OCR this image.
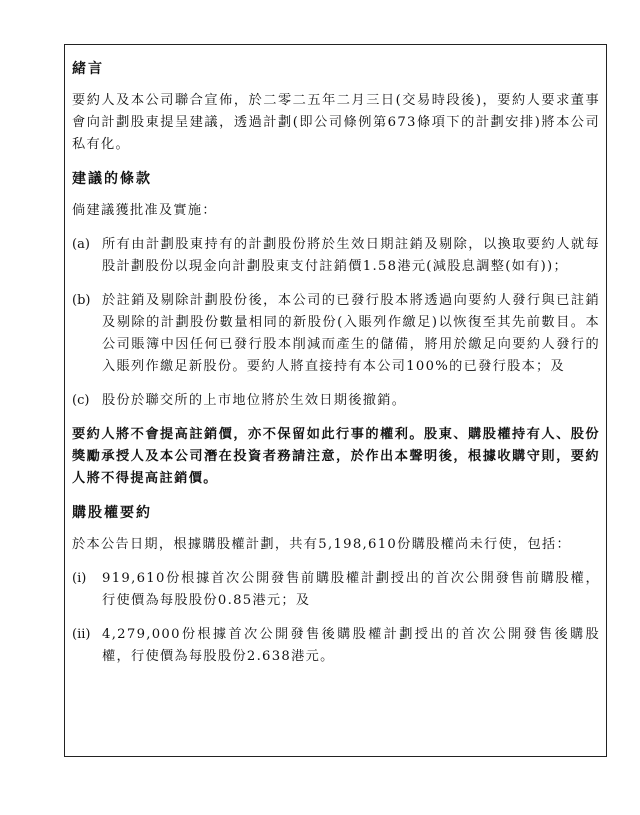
緒言

要約人及本公司聯合宣佈，於二零二五年二月三日(交易時段後)，要約人要求董事會向計劃股東提呈建議，透過計劃(即公司條例第673條項下的計劃安排)將本公司私有化。

建議的條款

倘建議獲批准及實施：

(a) 所有由計劃股東持有的計劃股份將於生效日期註銷及剔除，以換取要約人就每股計劃股份以現金向計劃股東支付註銷價1.58港元(減股息調整(如有))；
(b) 於註銷及剔除計劃股份後，本公司的已發行股本將透過向要約人發行與已註銷及剔除的計劃股份數量相同的新股份(入賬列作繳足)以恢復至其先前數目。本公司賬簿中因任何已發行股本削減而產生的儲備，將用於繳足向要約人發行的入賬列作繳足新股份。要約人將直接持有本公司100%的已發行股本；及
(c) 股份於聯交所的上市地位將於生效日期後撤銷。

要約人將不會提高註銷價，亦不保留如此行事的權利。股東、購股權持有人、股份獎勵承授人及本公司潛在投資者務請注意，於作出本聲明後，根據收購守則，要約人將不得提高註銷價。

購股權要約

於本公告日期，根據購股權計劃，共有5,198,610份購股權尚未行使，包括：

(i)	919,610份根據首次公開發售前購股權計劃授出的首次公開發售前購股權，行使價為每股股份0.85港元；及
(ii) 4,279,000份根據首次公開發售後購股權計劃授出的首次公開發售後購股權，行使價為每股股份2.638港元。
